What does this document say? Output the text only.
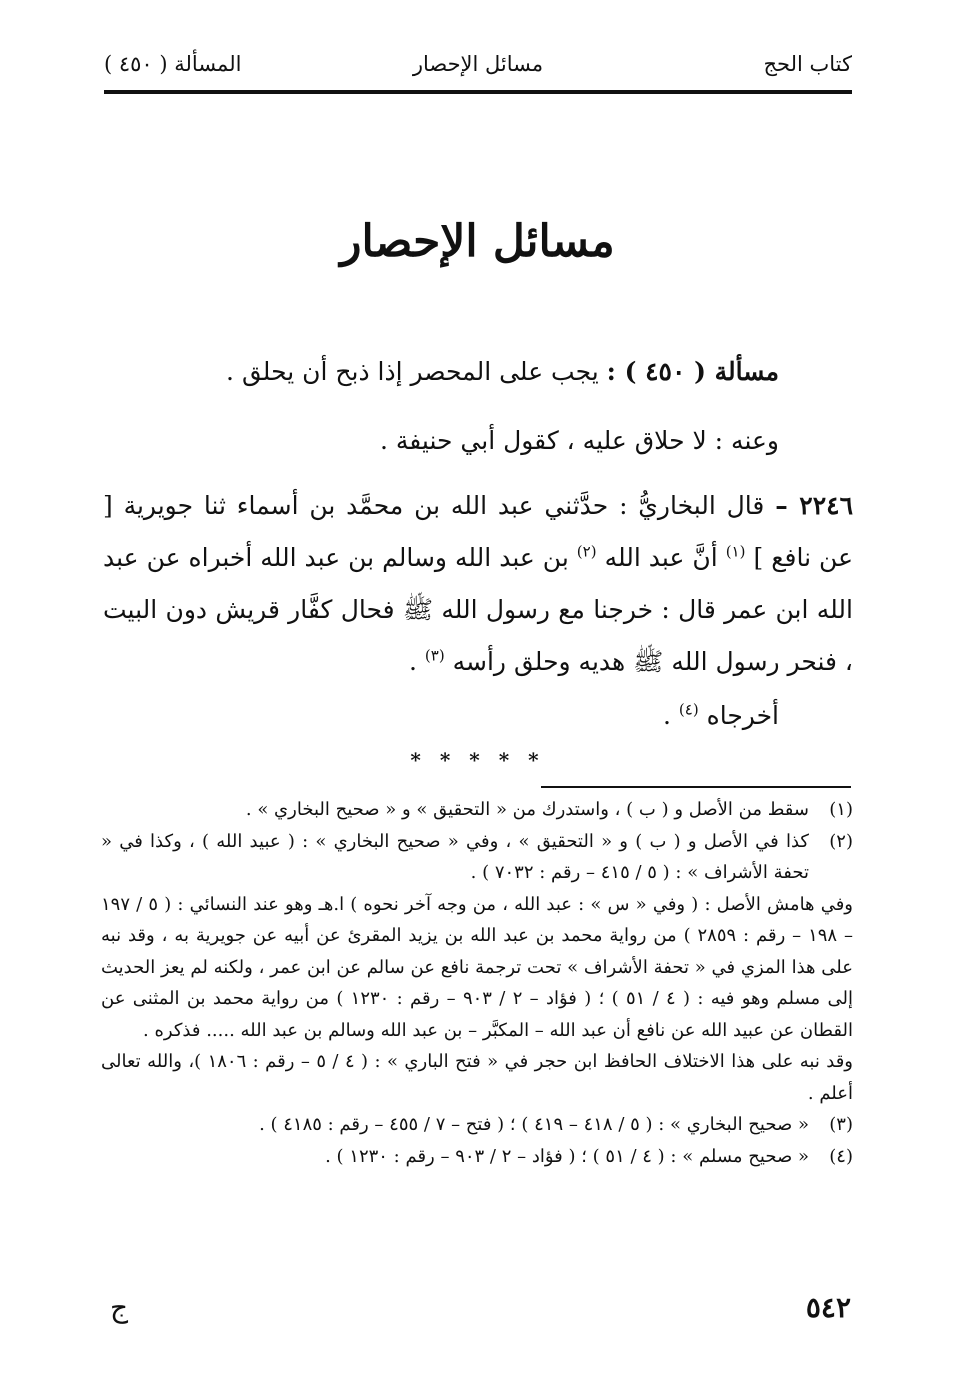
كتاب الحج
مسائل الإحصار
المسألة ( ٤٥٠ )
مسائل الإحصار
مسألة ( ٤٥٠ ) : يجب على المحصر إذا ذبح أن يحلق .
وعنه : لا حلاق عليه ، كقول أبي حنيفة .
٢٢٤٦ – قال البخاريُّ : حدَّثني عبد الله بن محمَّد بن أسماء ثنا جويرية [ عن نافع ] $^{(١)}$ أنَّ عبد الله $^{(٢)}$ بن عبد الله وسالم بن عبد الله أخبراه عن عبد الله ابن عمر قال : خرجنا مع رسول الله ﷺ فحال كفَّار قريش دون البيت ، فنحر رسول الله ﷺ هديه وحلق رأسه $^{(٣)}$ .
أخرجاه $^{(٤)}$ .
* * * * *
(١)
سقط من الأصل و ( ب ) ، واستدرك من « التحقيق » و « صحيح البخاري » .
(٢)
كذا في الأصل و ( ب ) و « التحقيق » ، وفي « صحيح البخاري » : ( عبيد الله ) ، وكذا في « تحفة الأشراف » : ( ٥ / ٤١٥ – رقم : ٧٠٣٢ ) .
وفي هامش الأصل : ( وفي « س » : عبد الله ، من وجه آخر نحوه ) ا.هـ وهو عند النسائي : ( ٥ / ١٩٧ – ١٩٨ – رقم : ٢٨٥٩ ) من رواية محمد بن عبد الله بن يزيد المقرئ عن أبيه عن جويرية به ، وقد نبه على هذا المزي في « تحفة الأشراف » تحت ترجمة نافع عن سالم عن ابن عمر ، ولكنه لم يعز الحديث إلى مسلم وهو فيه : ( ٤ / ٥١ ) ؛ ( فؤاد – ٢ / ٩٠٣ – رقم : ١٢٣٠ ) من رواية محمد بن المثنى عن القطان عن عبيد الله عن نافع أن عبد الله – المكبَّر – بن عبد الله وسالم بن عبد الله ..... فذكره .
وقد نبه على هذا الاختلاف الحافظ ابن حجر في « فتح الباري » : ( ٤ / ٥ – رقم : ١٨٠٦ )، والله تعالى أعلم .
(٣)
« صحيح البخاري » : ( ٥ / ٤١٨ – ٤١٩ ) ؛ ( فتح – ٧ / ٤٥٥ – رقم : ٤١٨٥ ) .
(٤)
« صحيح مسلم » : ( ٤ / ٥١ ) ؛ ( فؤاد – ٢ / ٩٠٣ – رقم : ١٢٣٠ ) .
٥٤٢
ج
